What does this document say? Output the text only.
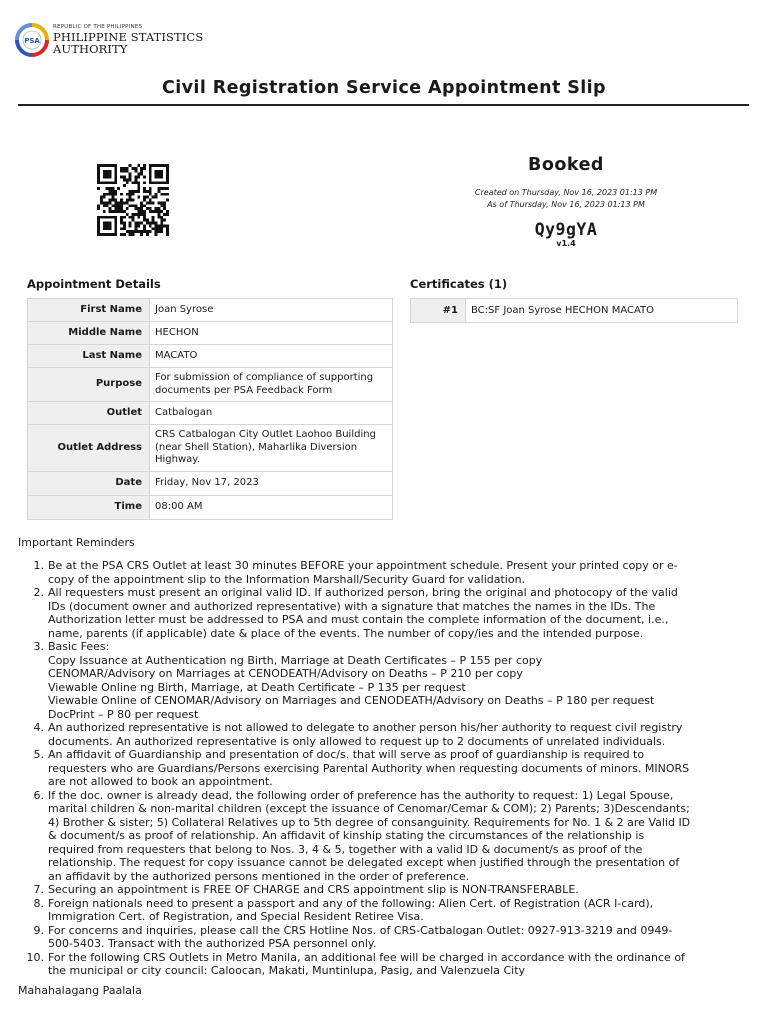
PSA
REPUBLIC OF THE PHILIPPINES
PHILIPPINE STATISTICS AUTHORITY
Civil Registration Service Appointment Slip
Booked
Created on Thursday, Nov 16, 2023 01:13 PM
As of Thursday, Nov 16, 2023 01:13 PM
Qy9gYA
v1.4
Appointment Details	Certificates (1)
First Name	Joan Syrose

Middle Name	HECHON

Last Name	MACATO

Purpose	For submission of compliance of supporting
documents per PSA Feedback Form

Outlet	Catbalogan

Outlet Address	CRS Catbalogan City Outlet Laohoo Building
(near Shell Station), Maharlika Diversion
Highway.

Date	Friday, Nov 17, 2023

Time	08:00 AM
#1	BC:SF Joan Syrose HECHON MACATO
Important Reminders
1. Be at the PSA CRS Outlet at least 30 minutes BEFORE your appointment schedule. Present your printed copy or e-
copy of the appointment slip to the Information Marshall/Security Guard for validation.
2. All requesters must present an original valid ID. If authorized person, bring the original and photocopy of the valid
IDs (document owner and authorized representative) with a signature that matches the names in the IDs. The
Authorization letter must be addressed to PSA and must contain the complete information of the document, i.e.,
name, parents (if applicable) date & place of the events. The number of copy/ies and the intended purpose.
3. Basic Fees:
Copy Issuance at Authentication ng Birth, Marriage at Death Certificates – P 155 per copy
CENOMAR/Advisory on Marriages at CENODEATH/Advisory on Deaths – P 210 per copy
Viewable Online ng Birth, Marriage, at Death Certificate – P 135 per request
Viewable Online of CENOMAR/Advisory on Marriages and CENODEATH/Advisory on Deaths – P 180 per request
DocPrint – P 80 per request
4. An authorized representative is not allowed to delegate to another person his/her authority to request civil registry
documents. An authorized representative is only allowed to request up to 2 documents of unrelated individuals.
5. An affidavit of Guardianship and presentation of doc/s. that will serve as proof of guardianship is required to
requesters who are Guardians/Persons exercising Parental Authority when requesting documents of minors. MINORS
are not allowed to book an appointment.
6. If the doc. owner is already dead, the following order of preference has the authority to request: 1) Legal Spouse,
marital children & non-marital children (except the issuance of Cenomar/Cemar & COM); 2) Parents; 3)Descendants;
4) Brother & sister; 5) Collateral Relatives up to 5th degree of consanguinity. Requirements for No. 1 & 2 are Valid ID
& document/s as proof of relationship. An affidavit of kinship stating the circumstances of the relationship is
required from requesters that belong to Nos. 3, 4 & 5, together with a valid ID & document/s as proof of the
relationship. The request for copy issuance cannot be delegated except when justified through the presentation of
an affidavit by the authorized persons mentioned in the order of preference.
7. Securing an appointment is FREE OF CHARGE and CRS appointment slip is NON-TRANSFERABLE.
8. Foreign nationals need to present a passport and any of the following: Alien Cert. of Registration (ACR I-card),
Immigration Cert. of Registration, and Special Resident Retiree Visa.
9. For concerns and inquiries, please call the CRS Hotline Nos. of CRS-Catbalogan Outlet: 0927-913-3219 and 0949-
500-5403. Transact with the authorized PSA personnel only.
10. For the following CRS Outlets in Metro Manila, an additional fee will be charged in accordance with the ordinance of
the municipal or city council: Caloocan, Makati, Muntinlupa, Pasig, and Valenzuela City
Mahahalagang Paalala
